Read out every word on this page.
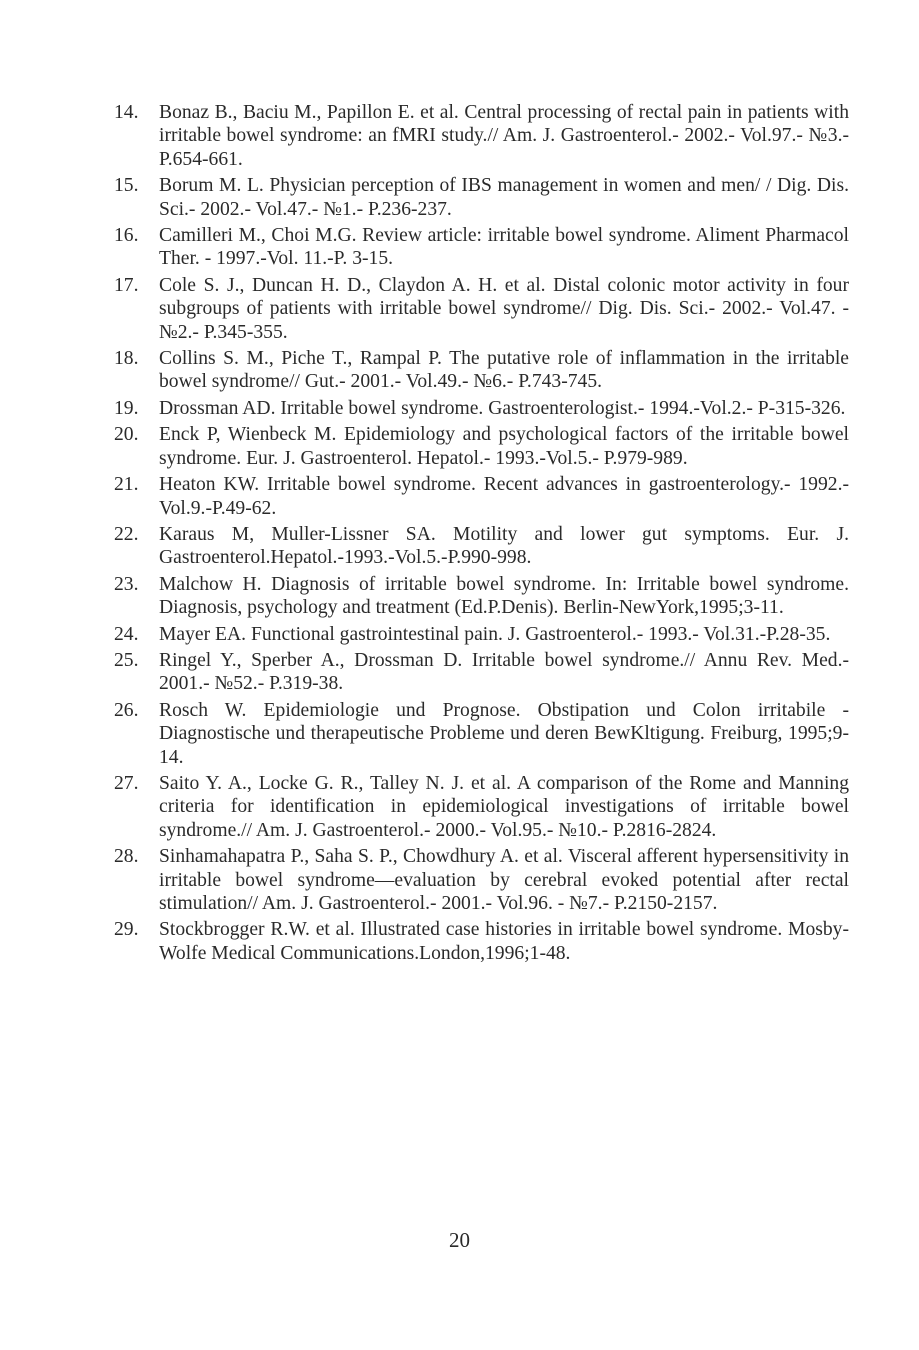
14.	Bonaz B., Baciu M., Papillon E. et al. Central processing of rectal pain in patients with irritable bowel syndrome: an fMRI study.// Am. J. Gastroenterol.- 2002.- Vol.97.- №3.- P.654-661.
15.	Borum M. L. Physician perception of IBS management in women and men/ / Dig. Dis. Sci.- 2002.- Vol.47.- №1.- P.236-237.
16.	Camilleri M., Choi M.G. Review article: irritable bowel syndrome. Aliment Pharmacol Ther. - 1997.-Vol. 11.-P. 3-15.
17.	Cole S. J., Duncan H. D., Claydon A. H. et al. Distal colonic motor activity in four subgroups of patients with irritable bowel syndrome// Dig. Dis. Sci.- 2002.- Vol.47. - №2.- P.345-355.
18.	Collins S. M., Piche T., Rampal P. The putative role of inflammation in the irritable bowel syndrome// Gut.- 2001.- Vol.49.- №6.- P.743-745.
19.	Drossman AD. Irritable bowel syndrome. Gastroenterologist.- 1994.-Vol.2.- P-315-326.
20.	Enck P, Wienbeck M. Epidemiology and psychological factors of the irritable bowel syndrome. Eur. J. Gastroenterol. Hepatol.- 1993.-Vol.5.- P.979-989.
21.	Heaton KW. Irritable bowel syndrome. Recent advances in gastroenterology.- 1992.-Vol.9.-P.49-62.
22.	Karaus M, Muller-Lissner SA. Motility and lower gut symptoms. Eur. J. Gastroenterol.Hepatol.-1993.-Vol.5.-P.990-998.
23.	Malchow H. Diagnosis of irritable bowel syndrome. In: Irritable bowel syndrome. Diagnosis, psychology and treatment (Ed.P.Denis). Berlin-NewYork,1995;3-11.
24.	Mayer EA. Functional gastrointestinal pain. J. Gastroenterol.- 1993.- Vol.31.-P.28-35.
25.	Ringel Y., Sperber A., Drossman D. Irritable bowel syndrome.// Annu Rev. Med.- 2001.- №52.- P.319-38.
26.	Rosch W. Epidemiologie und Prognose. Obstipation und Colon irritabile - Diagnostische und therapeutische Probleme und deren BewKltigung. Freiburg, 1995;9-14.
27.	Saito Y. A., Locke G. R., Talley N. J. et al. A comparison of the Rome and Manning criteria for identification in epidemiological investigations of irritable bowel syndrome.// Am. J. Gastroenterol.- 2000.- Vol.95.- №10.- P.2816-2824.
28.	Sinhamahapatra P., Saha S. P., Chowdhury A. et al. Visceral afferent hypersensitivity in irritable bowel syndrome—evaluation by cerebral evoked potential after rectal stimulation// Am. J. Gastroenterol.- 2001.- Vol.96. - №7.- P.2150-2157.
29.	Stockbrogger R.W. et al. Illustrated case histories in irritable bowel syndrome. Mosby-Wolfe Medical Communications.London,1996;1-48.
20
